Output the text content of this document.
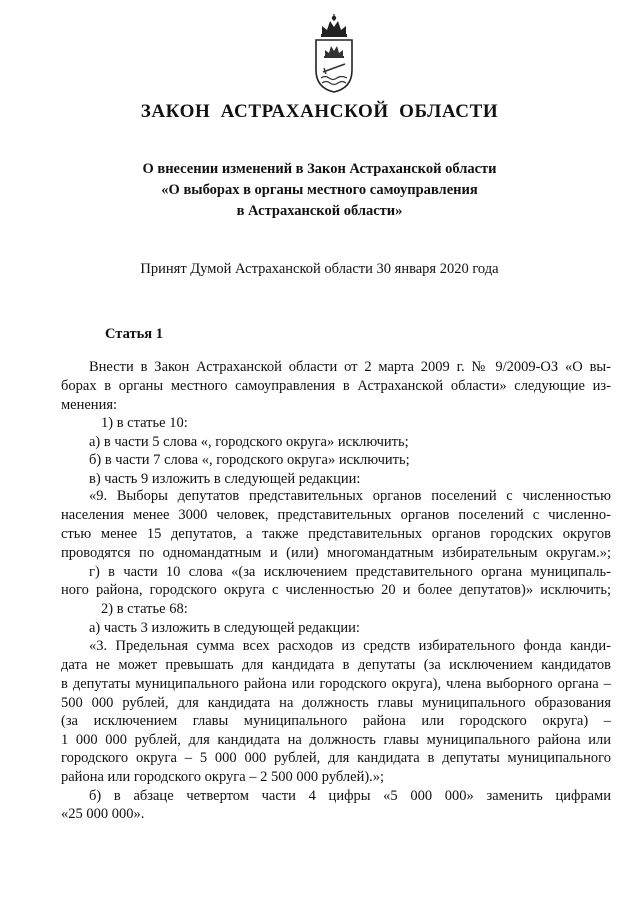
ЗАКОН АСТРАХАНСКОЙ ОБЛАСТИ
О внесении изменений в Закон Астраханской области
«О выборах в органы местного самоуправления
в Астраханской области»
Принят Думой Астраханской области 30 января 2020 года
Статья 1
Внести в Закон Астраханской области от 2 марта 2009 г. № 9/2009-ОЗ «О вы-
борах в органы местного самоуправления в Астраханской области» следующие из-
менения:
1) в статье 10:
а) в части 5 слова «, городского округа» исключить;
б) в части 7 слова «, городского округа» исключить;
в) часть 9 изложить в следующей редакции:
«9. Выборы депутатов представительных органов поселений с численностью
населения менее 3000 человек, представительных органов поселений с численно-
стью менее 15 депутатов, а также представительных органов городских округов
проводятся по одномандатным и (или) многомандатным избирательным округам.»;
г) в части 10 слова «(за исключением представительного органа муниципаль-
ного района, городского округа с численностью 20 и более депутатов)» исключить;
2) в статье 68:
а) часть 3 изложить в следующей редакции:
«3. Предельная сумма всех расходов из средств избирательного фонда канди-
дата не может превышать для кандидата в депутаты (за исключением кандидатов
в депутаты муниципального района или городского округа), члена выборного органа –
500 000 рублей, для кандидата на должность главы муниципального образования
(за исключением главы муниципального района или городского округа) –
1 000 000 рублей, для кандидата на должность главы муниципального района или
городского округа – 5 000 000 рублей, для кандидата в депутаты муниципального
района или городского округа – 2 500 000 рублей).»;
б) в абзаце четвертом части 4 цифры «5 000 000» заменить цифрами
«25 000 000».
